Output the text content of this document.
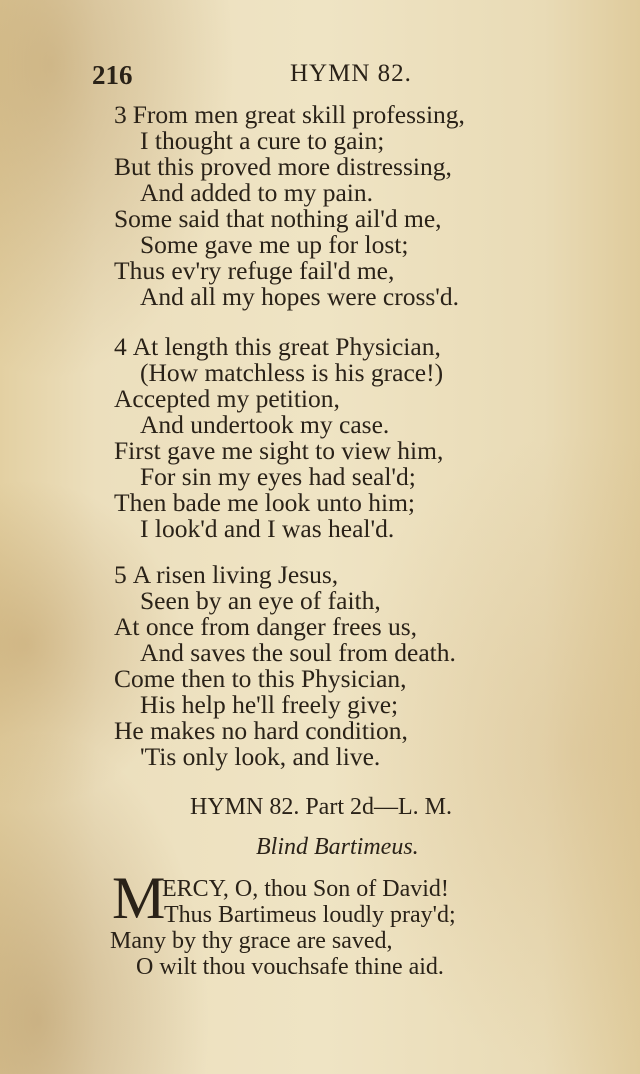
216	HYMN 82.
3 From men great skill professing,
I thought a cure to gain;
But this proved more distressing,
And added to my pain.
Some said that nothing ail'd me,
Some gave me up for lost;
Thus ev'ry refuge fail'd me,
And all my hopes were cross'd.
4 At length this great Physician,
(How matchless is his grace!)
Accepted my petition,
And undertook my case.
First gave me sight to view him,
For sin my eyes had seal'd;
Then bade me look unto him;
I look'd and I was heal'd.
5 A risen living Jesus,
Seen by an eye of faith,
At once from danger frees us,
And saves the soul from death.
Come then to this Physician,
His help he'll freely give;
He makes no hard condition,
'Tis only look, and live.
HYMN 82. Part 2d—L. M.
Blind Bartimeus.
M
ERCY, O, thou Son of David!
Thus Bartimeus loudly pray'd;
Many by thy grace are saved,
O wilt thou vouchsafe thine aid.
